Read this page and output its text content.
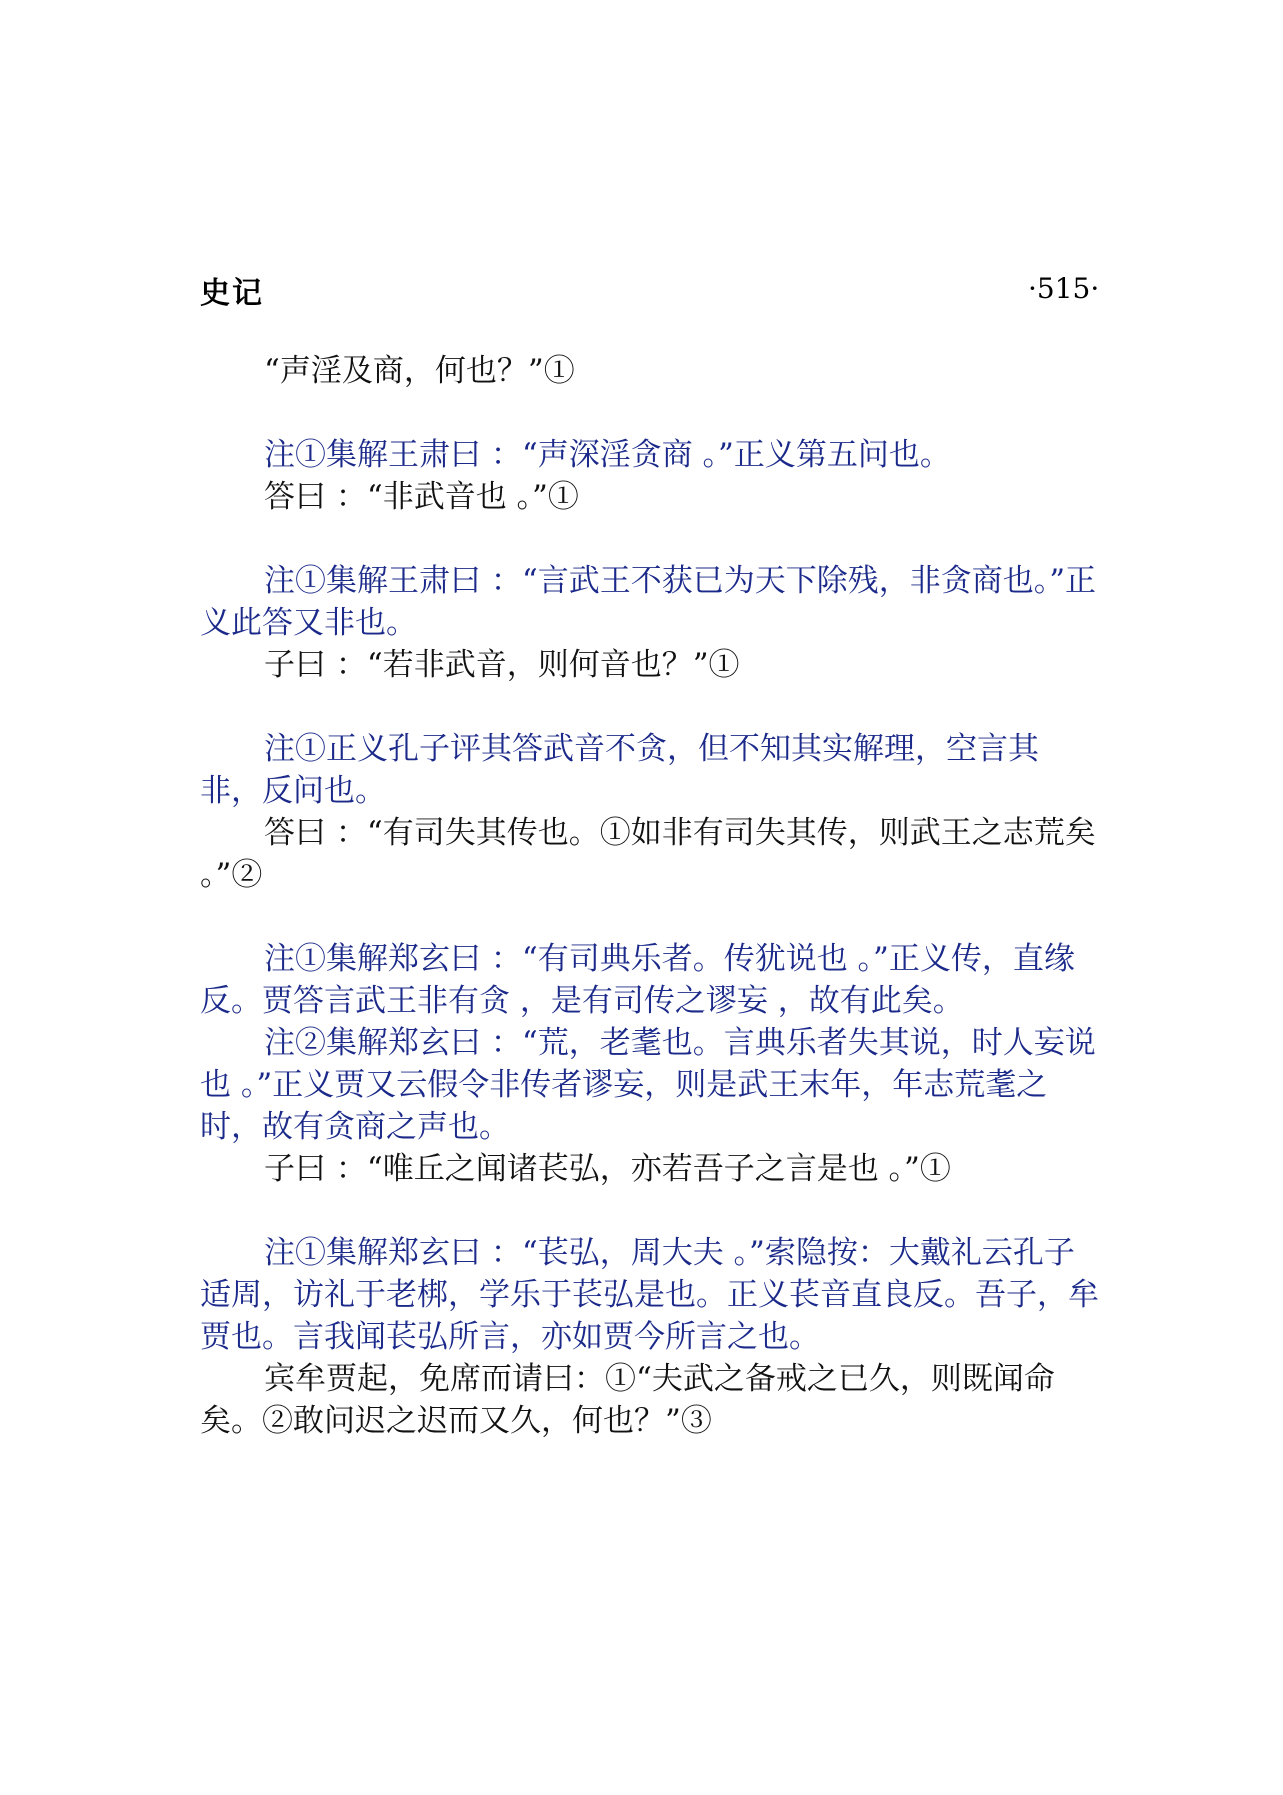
史记	·515·

“声淫及商，何也？”①

注①集解王肃曰 ：“声深淫贪商 。”正义第五问也。

答曰 ：“非武音也 。”①

注①集解王肃曰 ：“言武王不获已为天下除残，非贪商也。”正义此答又非也。

子曰 ：“若非武音，则何音也？”①

注①正义孔子评其答武音不贪，但不知其实解理，空言其非，反问也。

答曰 ：“有司失其传也。①如非有司失其传，则武王之志荒矣 。”②

注①集解郑玄曰 ：“有司典乐者。传犹说也 。”正义传，直缘反。贾答言武王非有贪 ，是有司传之谬妄 ，故有此矣。

注②集解郑玄曰 ：“荒，老耄也。言典乐者失其说，时人妄说也 。”正义贾又云假令非传者谬妄，则是武王末年，年志荒耄之时，故有贪商之声也。

子曰 ：“唯丘之闻诸苌弘，亦若吾子之言是也 。”①

注①集解郑玄曰 ：“苌弘，周大夫 。”索隐按：大戴礼云孔子适周，访礼于老梆，学乐于苌弘是也。正义苌音直良反。吾子，牟贾也。言我闻苌弘所言，亦如贾今所言之也。

宾牟贾起，免席而请曰：①“夫武之备戒之已久，则既闻命矣。②敢问迟之迟而又久，何也？”③
